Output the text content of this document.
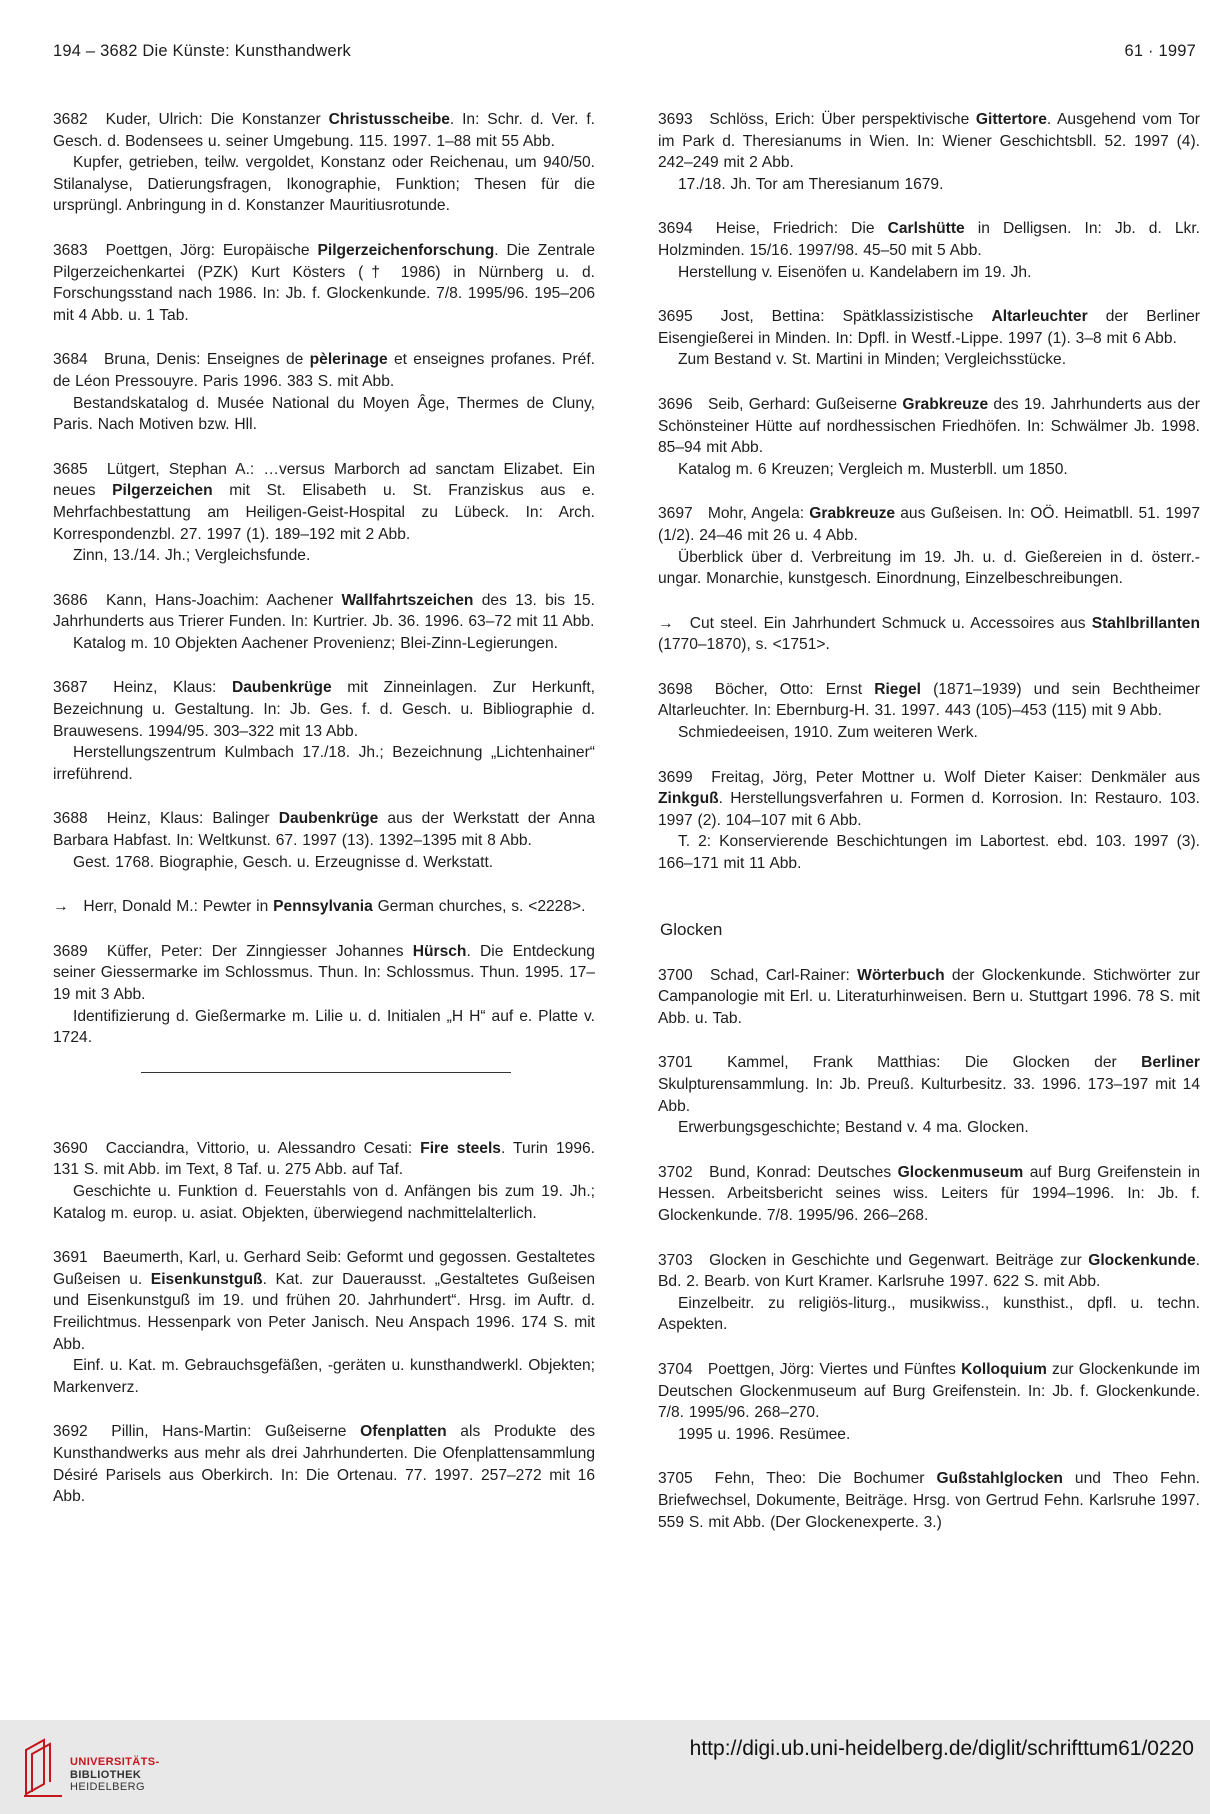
194 – 3682 Die Künste: Kunsthandwerk	61 · 1997
3682 Kuder, Ulrich: Die Konstanzer Christusscheibe. In: Schr. d. Ver. f. Gesch. d. Bodensees u. seiner Umgebung. 115. 1997. 1–88 mit 55 Abb.
Kupfer, getrieben, teilw. vergoldet, Konstanz oder Reichenau, um 940/50. Stilanalyse, Datierungsfragen, Ikonographie, Funktion; Thesen für die ursprüngl. Anbringung in d. Konstanzer Mauritiusrotunde.
3683 Poettgen, Jörg: Europäische Pilgerzeichenforschung. Die Zentrale Pilgerzeichenkartei (PZK) Kurt Kösters († 1986) in Nürnberg u. d. Forschungsstand nach 1986. In: Jb. f. Glockenkunde. 7/8. 1995/96. 195–206 mit 4 Abb. u. 1 Tab.
3684 Bruna, Denis: Enseignes de pèlerinage et enseignes profanes. Préf. de Léon Pressouyre. Paris 1996. 383 S. mit Abb.
Bestandskatalog d. Musée National du Moyen Âge, Thermes de Cluny, Paris. Nach Motiven bzw. Hll.
3685 Lütgert, Stephan A.: …versus Marborch ad sanctam Elizabet. Ein neues Pilgerzeichen mit St. Elisabeth u. St. Franziskus aus e. Mehrfachbestattung am Heiligen-Geist-Hospital zu Lübeck. In: Arch. Korrespondenzbl. 27. 1997 (1). 189–192 mit 2 Abb.
Zinn, 13./14. Jh.; Vergleichsfunde.
3686 Kann, Hans-Joachim: Aachener Wallfahrtszeichen des 13. bis 15. Jahrhunderts aus Trierer Funden. In: Kurtrier. Jb. 36. 1996. 63–72 mit 11 Abb.
Katalog m. 10 Objekten Aachener Provenienz; Blei-Zinn-Legierungen.
3687 Heinz, Klaus: Daubenkrüge mit Zinneinlagen. Zur Herkunft, Bezeichnung u. Gestaltung. In: Jb. Ges. f. d. Gesch. u. Bibliographie d. Brauwesens. 1994/95. 303–322 mit 13 Abb.
Herstellungszentrum Kulmbach 17./18. Jh.; Bezeichnung „Lichtenhainer“ irreführend.
3688 Heinz, Klaus: Balinger Daubenkrüge aus der Werkstatt der Anna Barbara Habfast. In: Weltkunst. 67. 1997 (13). 1392–1395 mit 8 Abb.
Gest. 1768. Biographie, Gesch. u. Erzeugnisse d. Werkstatt.
→ Herr, Donald M.: Pewter in Pennsylvania German churches, s. <2228>.
3689 Küffer, Peter: Der Zinngiesser Johannes Hürsch. Die Entdeckung seiner Giessermarke im Schlossmus. Thun. In: Schlossmus. Thun. 1995. 17–19 mit 3 Abb.
Identifizierung d. Gießermarke m. Lilie u. d. Initialen „H H“ auf e. Platte v. 1724.
3690 Cacciandra, Vittorio, u. Alessandro Cesati: Fire steels. Turin 1996. 131 S. mit Abb. im Text, 8 Taf. u. 275 Abb. auf Taf.
Geschichte u. Funktion d. Feuerstahls von d. Anfängen bis zum 19. Jh.; Katalog m. europ. u. asiat. Objekten, überwiegend nachmittelalterlich.
3691 Baeumerth, Karl, u. Gerhard Seib: Geformt und gegossen. Gestaltetes Gußeisen u. Eisenkunstguß. Kat. zur Dauerausst. „Gestaltetes Gußeisen und Eisenkunstguß im 19. und frühen 20. Jahrhundert“. Hrsg. im Auftr. d. Freilichtmus. Hessenpark von Peter Janisch. Neu Anspach 1996. 174 S. mit Abb.
Einf. u. Kat. m. Gebrauchsgefäßen, -geräten u. kunsthandwerkl. Objekten; Markenverz.
3692 Pillin, Hans-Martin: Gußeiserne Ofenplatten als Produkte des Kunsthandwerks aus mehr als drei Jahrhunderten. Die Ofenplattensammlung Désiré Parisels aus Oberkirch. In: Die Ortenau. 77. 1997. 257–272 mit 16 Abb.
3693 Schlöss, Erich: Über perspektivische Gittertore. Ausgehend vom Tor im Park d. Theresianums in Wien. In: Wiener Geschichtsbll. 52. 1997 (4). 242–249 mit 2 Abb.
17./18. Jh. Tor am Theresianum 1679.
3694 Heise, Friedrich: Die Carlshütte in Delligsen. In: Jb. d. Lkr. Holzminden. 15/16. 1997/98. 45–50 mit 5 Abb.
Herstellung v. Eisenöfen u. Kandelabern im 19. Jh.
3695 Jost, Bettina: Spätklassizistische Altarleuchter der Berliner Eisengießerei in Minden. In: Dpfl. in Westf.-Lippe. 1997 (1). 3–8 mit 6 Abb.
Zum Bestand v. St. Martini in Minden; Vergleichsstücke.
3696 Seib, Gerhard: Gußeiserne Grabkreuze des 19. Jahrhunderts aus der Schönsteiner Hütte auf nordhessischen Friedhöfen. In: Schwälmer Jb. 1998. 85–94 mit Abb.
Katalog m. 6 Kreuzen; Vergleich m. Musterbll. um 1850.
3697 Mohr, Angela: Grabkreuze aus Gußeisen. In: OÖ. Heimatbll. 51. 1997 (1/2). 24–46 mit 26 u. 4 Abb.
Überblick über d. Verbreitung im 19. Jh. u. d. Gießereien in d. österr.-ungar. Monarchie, kunstgesch. Einordnung, Einzelbeschreibungen.
→ Cut steel. Ein Jahrhundert Schmuck u. Accessoires aus Stahlbrillanten (1770–1870), s. <1751>.
3698 Böcher, Otto: Ernst Riegel (1871–1939) und sein Bechtheimer Altarleuchter. In: Ebernburg-H. 31. 1997. 443 (105)–453 (115) mit 9 Abb.
Schmiedeeisen, 1910. Zum weiteren Werk.
3699 Freitag, Jörg, Peter Mottner u. Wolf Dieter Kaiser: Denkmäler aus Zinkguß. Herstellungsverfahren u. Formen d. Korrosion. In: Restauro. 103. 1997 (2). 104–107 mit 6 Abb.
T. 2: Konservierende Beschichtungen im Labortest. ebd. 103. 1997 (3). 166–171 mit 11 Abb.
Glocken
3700 Schad, Carl-Rainer: Wörterbuch der Glockenkunde. Stichwörter zur Campanologie mit Erl. u. Literaturhinweisen. Bern u. Stuttgart 1996. 78 S. mit Abb. u. Tab.
3701 Kammel, Frank Matthias: Die Glocken der Berliner Skulpturensammlung. In: Jb. Preuß. Kulturbesitz. 33. 1996. 173–197 mit 14 Abb.
Erwerbungsgeschichte; Bestand v. 4 ma. Glocken.
3702 Bund, Konrad: Deutsches Glockenmuseum auf Burg Greifenstein in Hessen. Arbeitsbericht seines wiss. Leiters für 1994–1996. In: Jb. f. Glockenkunde. 7/8. 1995/96. 266–268.
3703 Glocken in Geschichte und Gegenwart. Beiträge zur Glockenkunde. Bd. 2. Bearb. von Kurt Kramer. Karlsruhe 1997. 622 S. mit Abb.
Einzelbeitr. zu religiös-liturg., musikwiss., kunsthist., dpfl. u. techn. Aspekten.
3704 Poettgen, Jörg: Viertes und Fünftes Kolloquium zur Glockenkunde im Deutschen Glockenmuseum auf Burg Greifenstein. In: Jb. f. Glockenkunde. 7/8. 1995/96. 268–270.
1995 u. 1996. Resümee.
3705 Fehn, Theo: Die Bochumer Gußstahlglocken und Theo Fehn. Briefwechsel, Dokumente, Beiträge. Hrsg. von Gertrud Fehn. Karlsruhe 1997. 559 S. mit Abb. (Der Glockenexperte. 3.)
UNIVERSITÄTS-
BIBLIOTHEK
HEIDELBERG
http://digi.ub.uni-heidelberg.de/diglit/schrifttum61/0220
